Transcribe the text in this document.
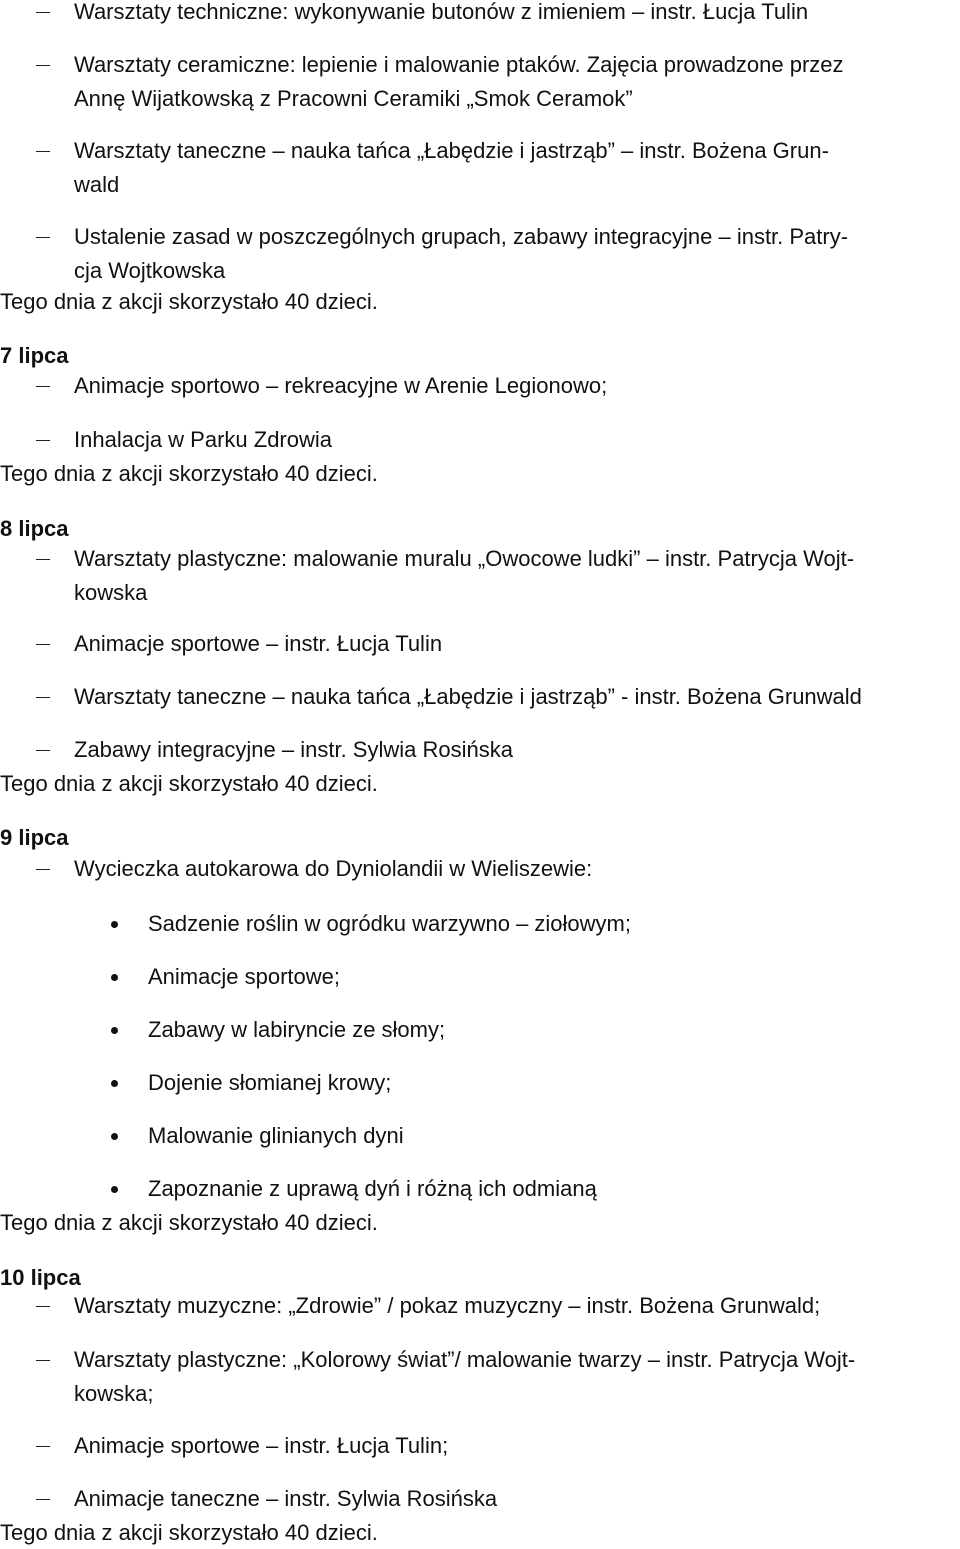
Warsztaty techniczne: wykonywanie butonów z imieniem – instr. Łucja Tulin
Warsztaty ceramiczne: lepienie i malowanie ptaków. Zajęcia prowadzone przez
Annę Wijatkowską z Pracowni Ceramiki „Smok Ceramok”
Warsztaty taneczne – nauka tańca „Łabędzie i jastrząb” – instr. Bożena Grun-
wald
Ustalenie zasad w poszczególnych grupach, zabawy integracyjne – instr. Patry-
cja Wojtkowska
Tego dnia z akcji skorzystało 40 dzieci.
7 lipca
Animacje sportowo – rekreacyjne w Arenie Legionowo;
Inhalacja w Parku Zdrowia
Tego dnia z akcji skorzystało 40 dzieci.
8 lipca
Warsztaty plastyczne: malowanie muralu „Owocowe ludki” – instr. Patrycja Wojt-
kowska
Animacje sportowe – instr. Łucja Tulin
Warsztaty taneczne – nauka tańca „Łabędzie i jastrząb” - instr. Bożena Grunwald
Zabawy integracyjne – instr. Sylwia Rosińska
Tego dnia z akcji skorzystało 40 dzieci.
9 lipca
Wycieczka autokarowa do Dyniolandii w Wieliszewie:
Sadzenie roślin w ogródku warzywno – ziołowym;
Animacje sportowe;
Zabawy w labiryncie ze słomy;
Dojenie słomianej krowy;
Malowanie glinianych dyni
Zapoznanie z uprawą dyń i różną ich odmianą
Tego dnia z akcji skorzystało 40 dzieci.
10 lipca
Warsztaty muzyczne: „Zdrowie” / pokaz muzyczny – instr. Bożena Grunwald;
Warsztaty plastyczne: „Kolorowy świat”/ malowanie twarzy – instr. Patrycja Wojt-
kowska;
Animacje sportowe – instr. Łucja Tulin;
Animacje taneczne – instr. Sylwia Rosińska
Tego dnia z akcji skorzystało 40 dzieci.
